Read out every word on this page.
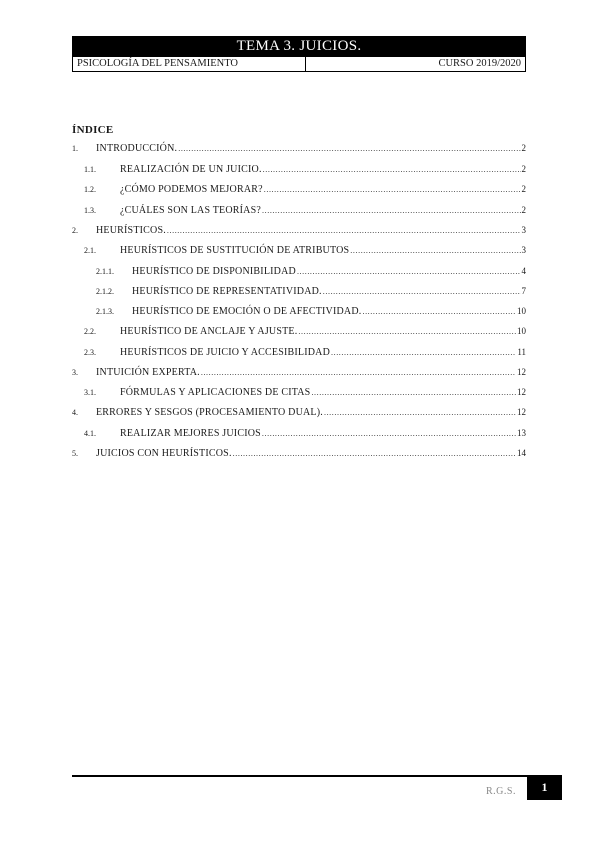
TEMA 3. JUICIOS.
PSICOLOGÍA DEL PENSAMIENTO	CURSO 2019/2020
ÍNDICE
1.	INTRODUCCIÓN. .....	2
1.1.	REALIZACIÓN DE UN JUICIO. .....	2
1.2.	¿CÓMO PODEMOS MEJORAR? .....	2
1.3.	¿CUÁLES SON LAS TEORÍAS? .....	2
2.	HEURÍSTICOS. .....	3
2.1.	HEURÍSTICOS DE SUSTITUCIÓN DE ATRIBUTOS .....	3
2.1.1.	HEURÍSTICO DE DISPONIBILIDAD .....	4
2.1.2.	HEURÍSTICO DE REPRESENTATIVIDAD. .....	7
2.1.3.	HEURÍSTICO DE EMOCIÓN O DE AFECTIVIDAD. .....	10
2.2.	HEURÍSTICO DE ANCLAJE Y AJUSTE. .....	10
2.3.	HEURÍSTICOS DE JUICIO Y ACCESIBILIDAD .....	11
3.	INTUICIÓN EXPERTA. .....	12
3.1.	FÓRMULAS Y APLICACIONES DE CITAS .....	12
4.	ERRORES Y SESGOS (PROCESAMIENTO DUAL). .....	12
4.1.	REALIZAR MEJORES JUICIOS .....	13
5.	JUICIOS CON HEURÍSTICOS. .....	14
R.G.S.	1
